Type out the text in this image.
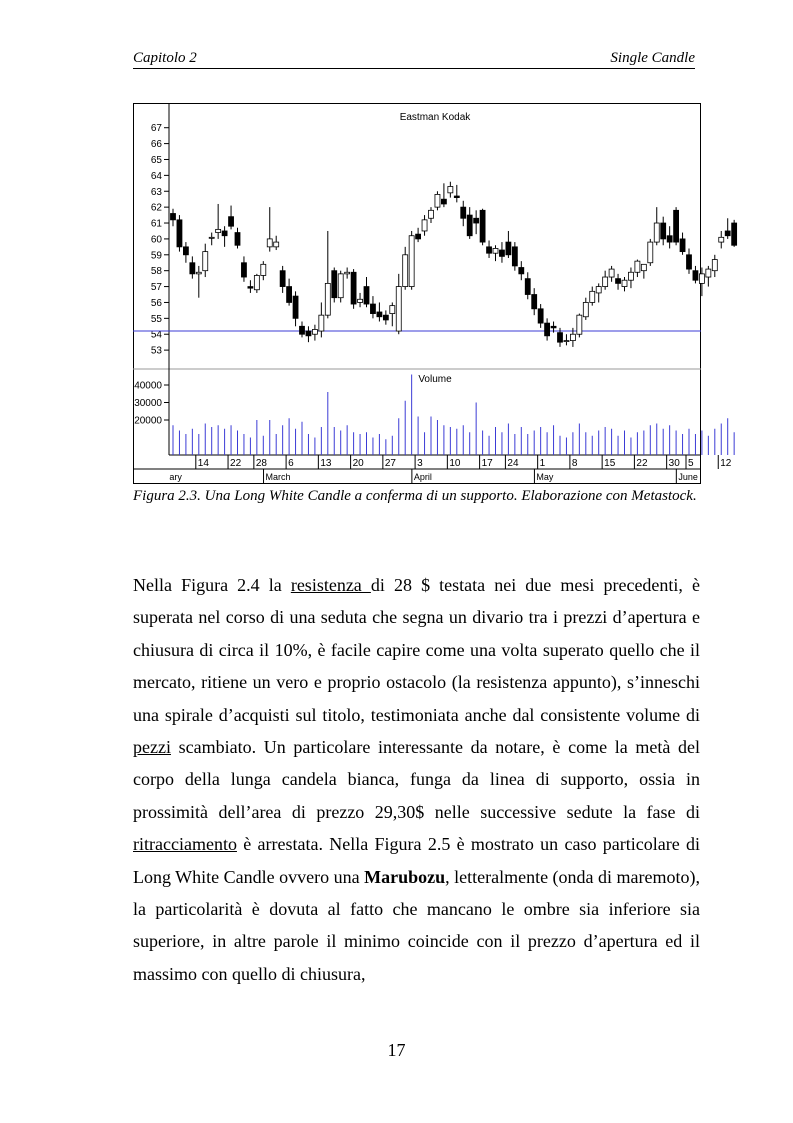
Capitolo 2	Single Candle
Eastman Kodak
Volume
53
54
55
56
57
58
59
60
61
62
63
64
65
66
67
20000
30000
40000
14 22 28 6	13 20 27 3	10 17 24 1	8	15 22 30 5	12
ary	March	April	May	June
Figura 2.3. Una Long White Candle a conferma di un supporto. Elaborazione con Metastock.

Nella Figura 2.4 la resistenza di 28 $ testata nei due mesi precedenti, è superata nel corso di una seduta che segna un divario tra i prezzi d’apertura e chiusura di circa il 10%, è facile capire come una volta superato quello che il mercato, ritiene un vero e proprio ostacolo (la resistenza appunto), s’inneschi una spirale d’acquisti sul titolo, testimoniata anche dal consistente volume di pezzi scambiato. Un particolare interessante da notare, è come la metà del corpo della lunga candela bianca, funga da linea di supporto, ossia in prossimità dell’area di prezzo 29,30$ nelle successive sedute la fase di ritracciamento è arrestata. Nella Figura 2.5 è mostrato un caso particolare di Long White Candle ovvero una Marubozu, letteralmente (onda di maremoto), la particolarità è dovuta al fatto che mancano le ombre sia inferiore sia superiore, in altre parole il minimo coincide con il prezzo d’apertura ed il massimo con quello di chiusura,

17
